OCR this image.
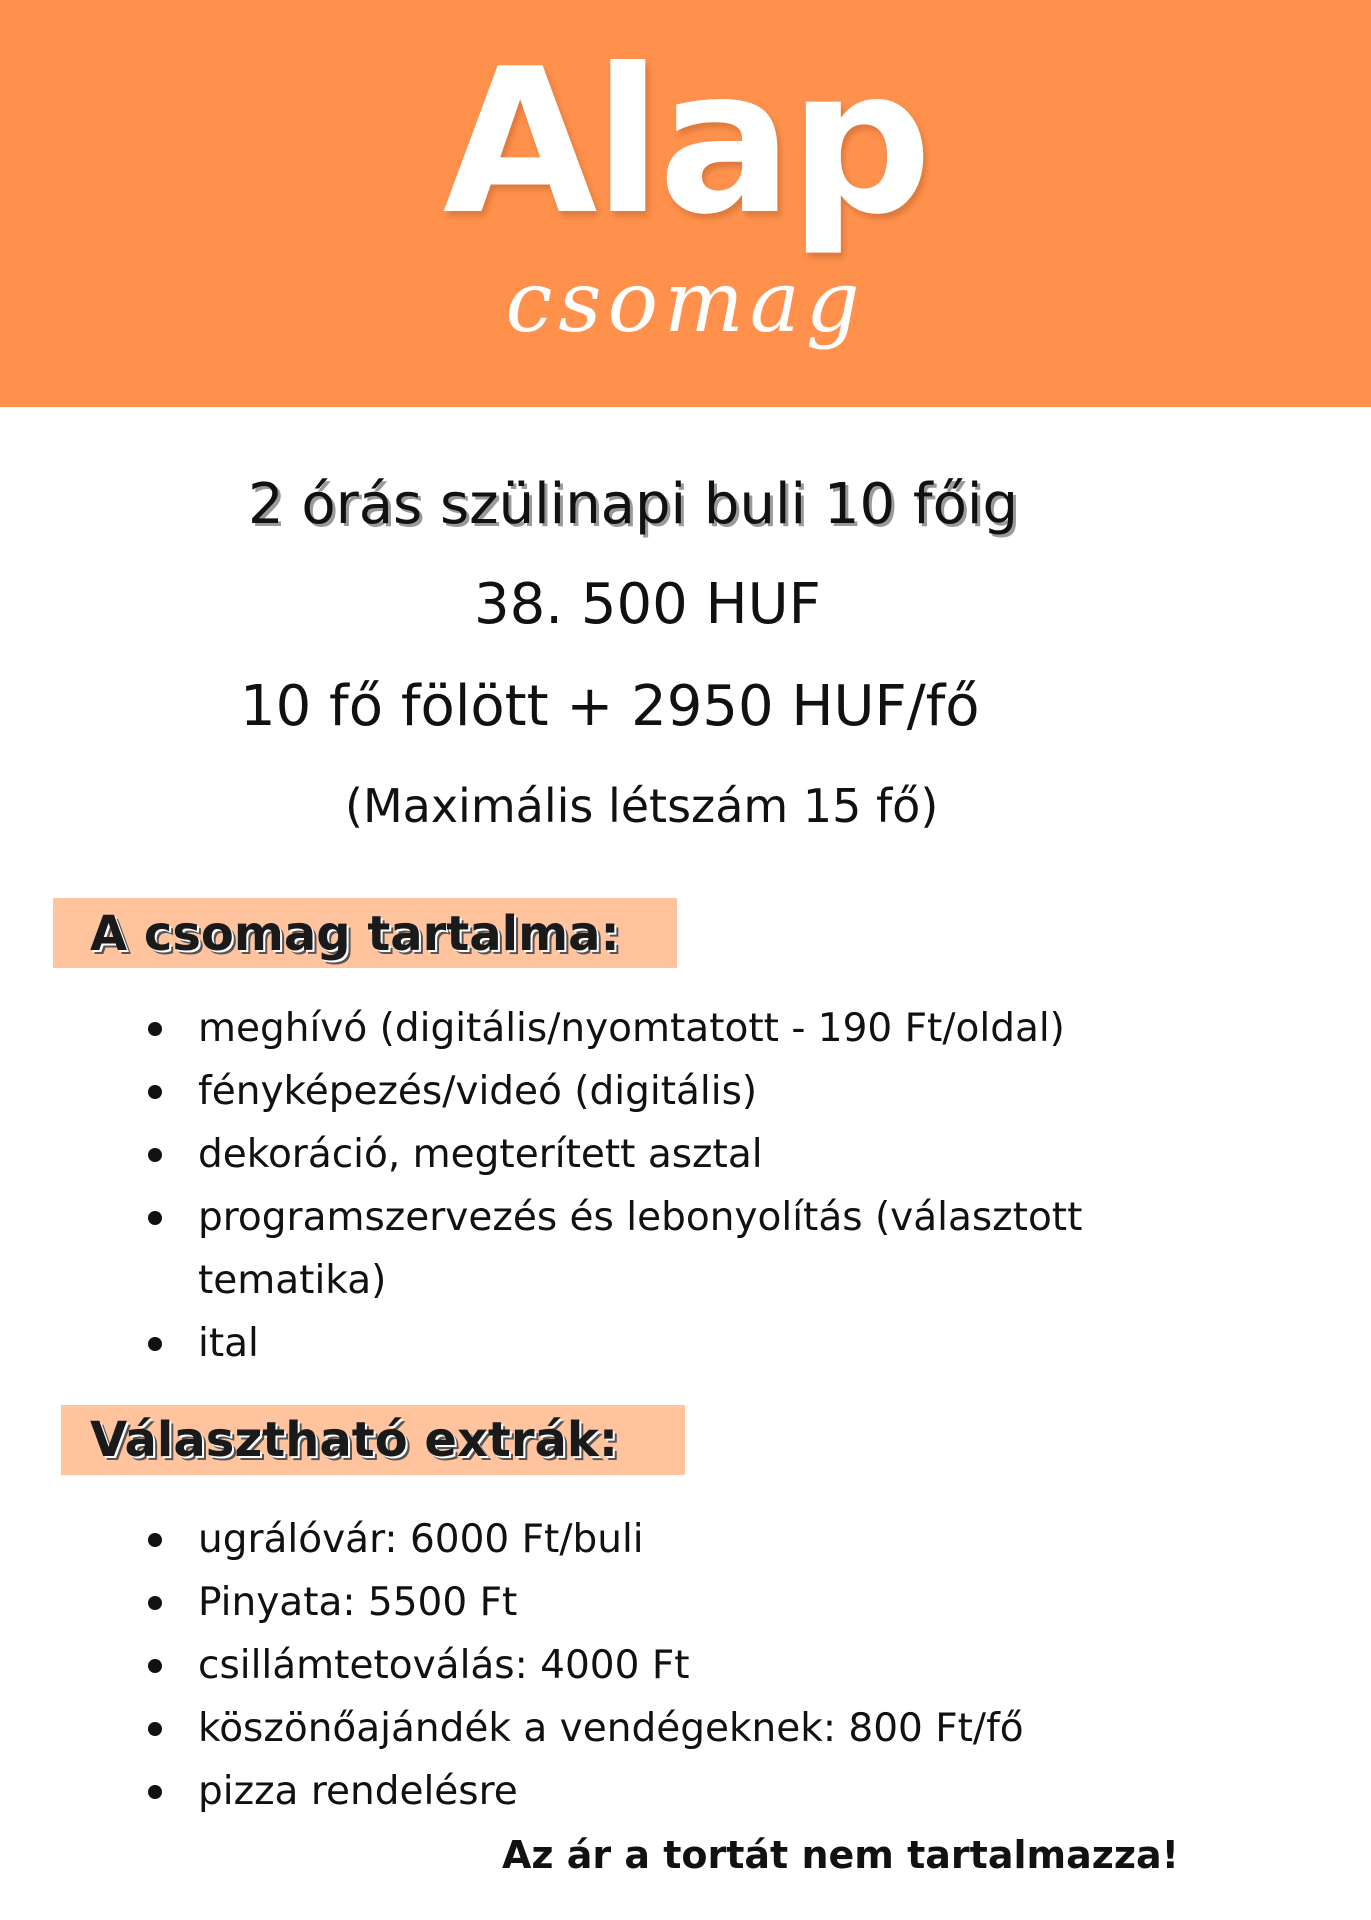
Alap
csomag
2 órás szülinapi buli 10 főig
38. 500 HUF
10 fő fölött + 2950 HUF/fő
(Maximális létszám 15 fő)
A csomag tartalma:
meghívó (digitális/nyomtatott - 190 Ft/oldal)
fényképezés/videó (digitális)
dekoráció, megterített asztal
programszervezés és lebonyolítás (választott tematika)
ital
Választható extrák:
ugrálóvár: 6000 Ft/buli
Pinyata: 5500 Ft
csillámtetoválás: 4000 Ft
köszönőajándék a vendégeknek: 800 Ft/fő
pizza rendelésre
Az ár a tortát nem tartalmazza!
